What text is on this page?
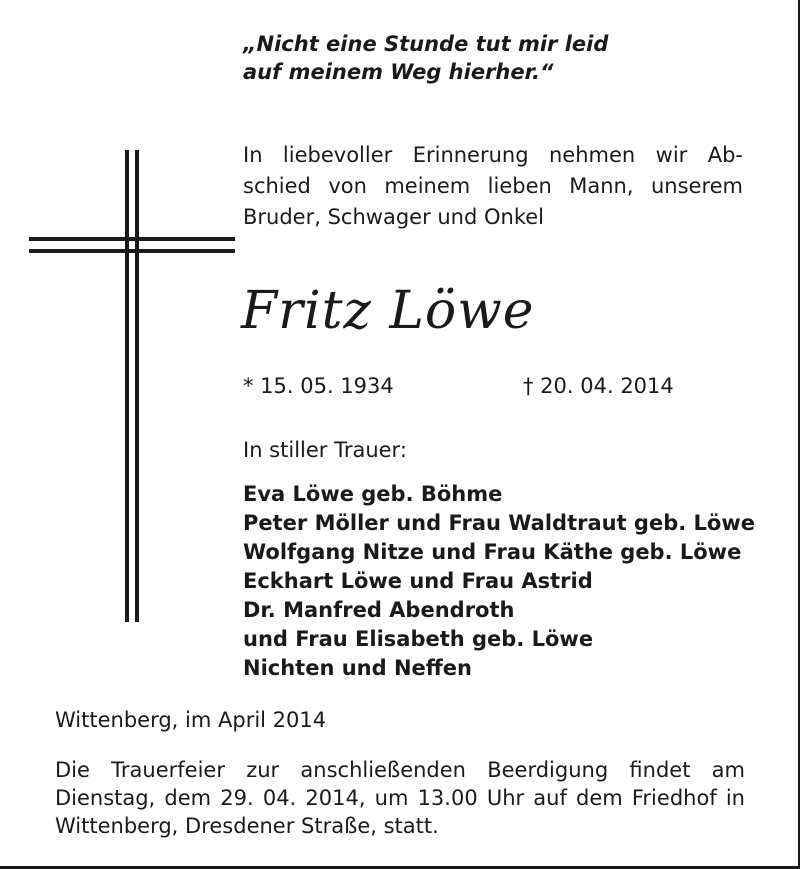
„Nicht eine Stunde tut mir leid
auf meinem Weg hierher.“
In liebevoller Erinnerung nehmen wir Ab-
schied von meinem lieben Mann, unserem
Bruder, Schwager und Onkel
Fritz Löwe
* 15. 05. 1934	† 20. 04. 2014
In stiller Trauer:
Eva Löwe geb. Böhme
Peter Möller und Frau Waldtraut geb. Löwe
Wolfgang Nitze und Frau Käthe geb. Löwe
Eckhart Löwe und Frau Astrid
Dr. Manfred Abendroth
und Frau Elisabeth geb. Löwe
Nichten und Neffen
Wittenberg, im April 2014
Die Trauerfeier zur anschließenden Beerdigung findet am
Dienstag, dem 29. 04. 2014, um 13.00 Uhr auf dem Friedhof in
Wittenberg, Dresdener Straße, statt.
